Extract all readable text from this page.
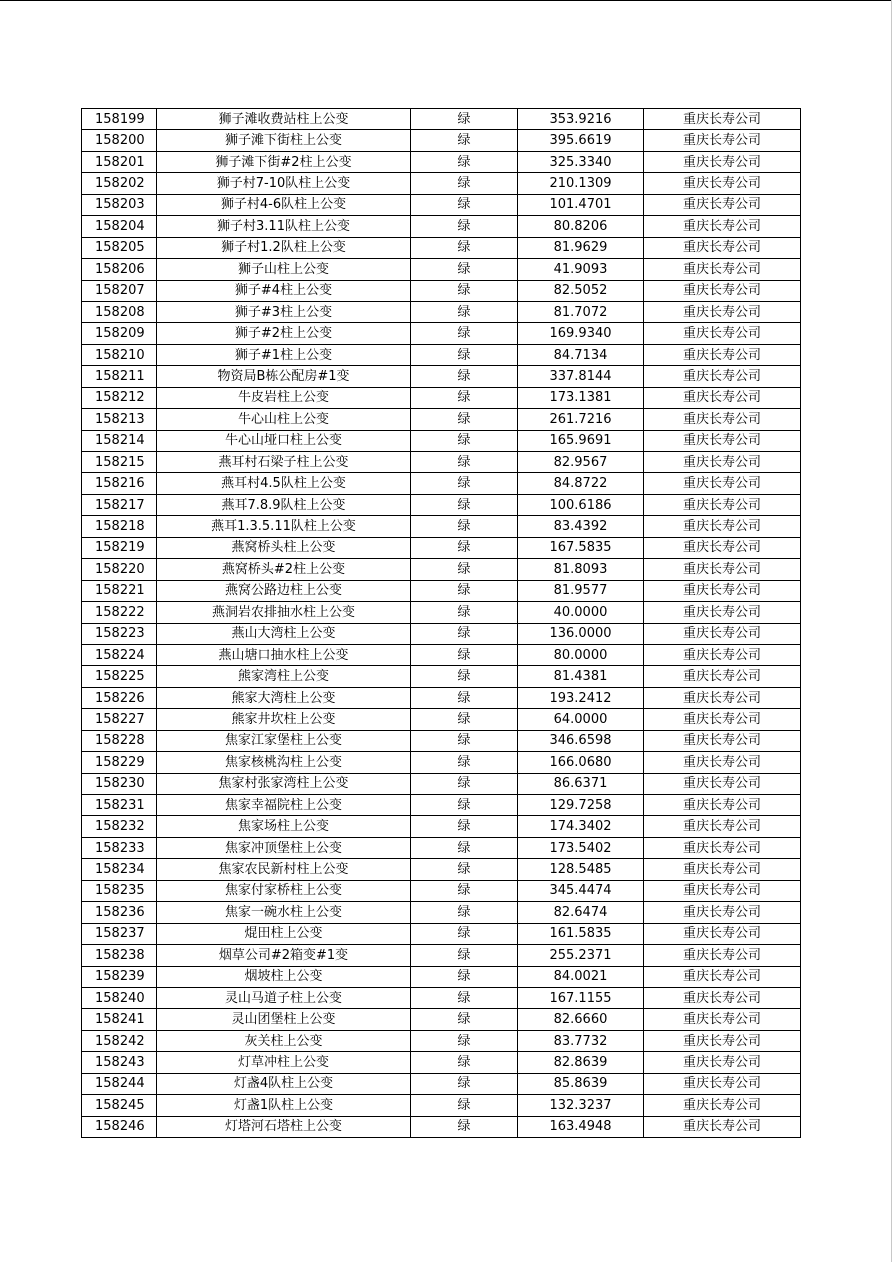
158199	狮子滩收费站柱上公变	绿	353.9216	重庆长寿公司
158200	狮子滩下街柱上公变	绿	395.6619	重庆长寿公司
158201	狮子滩下街#2柱上公变	绿	325.3340	重庆长寿公司
158202	狮子村7-10队柱上公变	绿	210.1309	重庆长寿公司
158203	狮子村4-6队柱上公变	绿	101.4701	重庆长寿公司
158204	狮子村3.11队柱上公变	绿	80.8206	重庆长寿公司
158205	狮子村1.2队柱上公变	绿	81.9629	重庆长寿公司
158206	狮子山柱上公变	绿	41.9093	重庆长寿公司
158207	狮子#4柱上公变	绿	82.5052	重庆长寿公司
158208	狮子#3柱上公变	绿	81.7072	重庆长寿公司
158209	狮子#2柱上公变	绿	169.9340	重庆长寿公司
158210	狮子#1柱上公变	绿	84.7134	重庆长寿公司
158211	物资局B栋公配房#1变	绿	337.8144	重庆长寿公司
158212	牛皮岩柱上公变	绿	173.1381	重庆长寿公司
158213	牛心山柱上公变	绿	261.7216	重庆长寿公司
158214	牛心山垭口柱上公变	绿	165.9691	重庆长寿公司
158215	燕耳村石梁子柱上公变	绿	82.9567	重庆长寿公司
158216	燕耳村4.5队柱上公变	绿	84.8722	重庆长寿公司
158217	燕耳7.8.9队柱上公变	绿	100.6186	重庆长寿公司
158218	燕耳1.3.5.11队柱上公变	绿	83.4392	重庆长寿公司
158219	燕窝桥头柱上公变	绿	167.5835	重庆长寿公司
158220	燕窝桥头#2柱上公变	绿	81.8093	重庆长寿公司
158221	燕窝公路边柱上公变	绿	81.9577	重庆长寿公司
158222	燕洞岩农排抽水柱上公变	绿	40.0000	重庆长寿公司
158223	燕山大湾柱上公变	绿	136.0000	重庆长寿公司
158224	燕山塘口抽水柱上公变	绿	80.0000	重庆长寿公司
158225	熊家湾柱上公变	绿	81.4381	重庆长寿公司
158226	熊家大湾柱上公变	绿	193.2412	重庆长寿公司
158227	熊家井坎柱上公变	绿	64.0000	重庆长寿公司
158228	焦家江家堡柱上公变	绿	346.6598	重庆长寿公司
158229	焦家核桃沟柱上公变	绿	166.0680	重庆长寿公司
158230	焦家村张家湾柱上公变	绿	86.6371	重庆长寿公司
158231	焦家幸福院柱上公变	绿	129.7258	重庆长寿公司
158232	焦家场柱上公变	绿	174.3402	重庆长寿公司
158233	焦家冲顶堡柱上公变	绿	173.5402	重庆长寿公司
158234	焦家农民新村柱上公变	绿	128.5485	重庆长寿公司
158235	焦家付家桥柱上公变	绿	345.4474	重庆长寿公司
158236	焦家一碗水柱上公变	绿	82.6474	重庆长寿公司
158237	焜田柱上公变	绿	161.5835	重庆长寿公司
158238	烟草公司#2箱变#1变	绿	255.2371	重庆长寿公司
158239	烟坡柱上公变	绿	84.0021	重庆长寿公司
158240	灵山马道子柱上公变	绿	167.1155	重庆长寿公司
158241	灵山团堡柱上公变	绿	82.6660	重庆长寿公司
158242	灰关柱上公变	绿	83.7732	重庆长寿公司
158243	灯草冲柱上公变	绿	82.8639	重庆长寿公司
158244	灯盏4队柱上公变	绿	85.8639	重庆长寿公司
158245	灯盏1队柱上公变	绿	132.3237	重庆长寿公司
158246	灯塔河石塔柱上公变	绿	163.4948	重庆长寿公司
